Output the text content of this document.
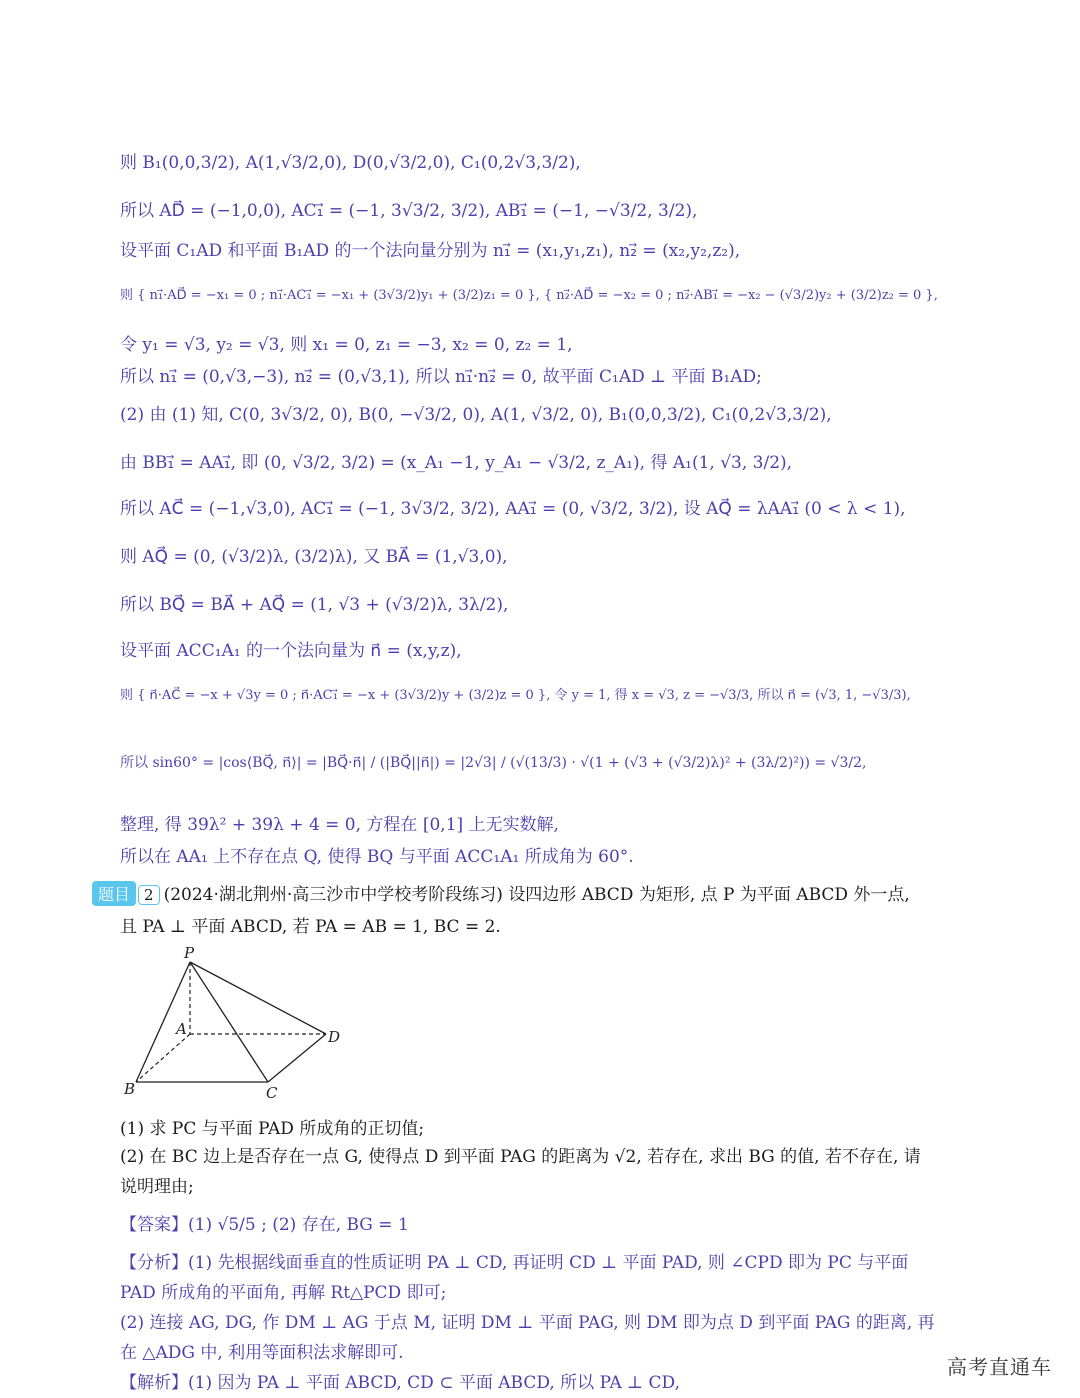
则 B₁(0,0,3/2), A(1,√3/2,0), D(0,√3/2,0), C₁(0,2√3,3/2),
所以 AD⃗ = (−1,0,0), AC₁⃗ = (−1, 3√3/2, 3/2), AB₁⃗ = (−1, −√3/2, 3/2),
设平面 C₁AD 和平面 B₁AD 的一个法向量分别为 n₁⃗ = (x₁,y₁,z₁), n₂⃗ = (x₂,y₂,z₂),
则 { n₁⃗·AD⃗ = −x₁ = 0 ; n₁⃗·AC₁⃗ = −x₁ + (3√3/2)y₁ + (3/2)z₁ = 0 }, { n₂⃗·AD⃗ = −x₂ = 0 ; n₂⃗·AB₁⃗ = −x₂ − (√3/2)y₂ + (3/2)z₂ = 0 },
令 y₁ = √3, y₂ = √3, 则 x₁ = 0, z₁ = −3, x₂ = 0, z₂ = 1,
所以 n₁⃗ = (0,√3,−3), n₂⃗ = (0,√3,1), 所以 n₁⃗·n₂⃗ = 0, 故平面 C₁AD ⊥ 平面 B₁AD;
(2) 由 (1) 知, C(0, 3√3/2, 0), B(0, −√3/2, 0), A(1, √3/2, 0), B₁(0,0,3/2), C₁(0,2√3,3/2),
由 BB₁⃗ = AA₁⃗, 即 (0, √3/2, 3/2) = (x_A₁ −1, y_A₁ − √3/2, z_A₁), 得 A₁(1, √3, 3/2),
所以 AC⃗ = (−1,√3,0), AC₁⃗ = (−1, 3√3/2, 3/2), AA₁⃗ = (0, √3/2, 3/2), 设 AQ⃗ = λAA₁⃗ (0 < λ < 1),
则 AQ⃗ = (0, (√3/2)λ, (3/2)λ), 又 BA⃗ = (1,√3,0),
所以 BQ⃗ = BA⃗ + AQ⃗ = (1, √3 + (√3/2)λ, 3λ/2),
设平面 ACC₁A₁ 的一个法向量为 n⃗ = (x,y,z),
则 { n⃗·AC⃗ = −x + √3y = 0 ; n⃗·AC₁⃗ = −x + (3√3/2)y + (3/2)z = 0 }, 令 y = 1, 得 x = √3, z = −√3/3, 所以 n⃗ = (√3, 1, −√3/3),
所以 sin60° = |cos⟨BQ⃗, n⃗⟩| = |BQ⃗·n⃗| / (|BQ⃗||n⃗|) = |2√3| / (√(13/3) · √(1 + (√3 + (√3/2)λ)² + (3λ/2)²)) = √3/2,
整理, 得 39λ² + 39λ + 4 = 0, 方程在 [0,1] 上无实数解,
所以在 AA₁ 上不存在点 Q, 使得 BQ 与平面 ACC₁A₁ 所成角为 60°.
题目 2 (2024·湖北荆州·高三沙市中学校考阶段练习) 设四边形 ABCD 为矩形, 点 P 为平面 ABCD 外一点,
且 PA ⊥ 平面 ABCD, 若 PA = AB = 1, BC = 2.
P
A	D
B	C
(1) 求 PC 与平面 PAD 所成角的正切值;
(2) 在 BC 边上是否存在一点 G, 使得点 D 到平面 PAG 的距离为 √2, 若存在, 求出 BG 的值, 若不存在, 请
说明理由;
【答案】(1) √5/5 ; (2) 存在, BG = 1
【分析】(1) 先根据线面垂直的性质证明 PA ⊥ CD, 再证明 CD ⊥ 平面 PAD, 则 ∠CPD 即为 PC 与平面
PAD 所成角的平面角, 再解 Rt△PCD 即可;
(2) 连接 AG, DG, 作 DM ⊥ AG 于点 M, 证明 DM ⊥ 平面 PAG, 则 DM 即为点 D 到平面 PAG 的距离, 再
在 △ADG 中, 利用等面积法求解即可.
【解析】(1) 因为 PA ⊥ 平面 ABCD, CD ⊂ 平面 ABCD, 所以 PA ⊥ CD,
高考直通车
